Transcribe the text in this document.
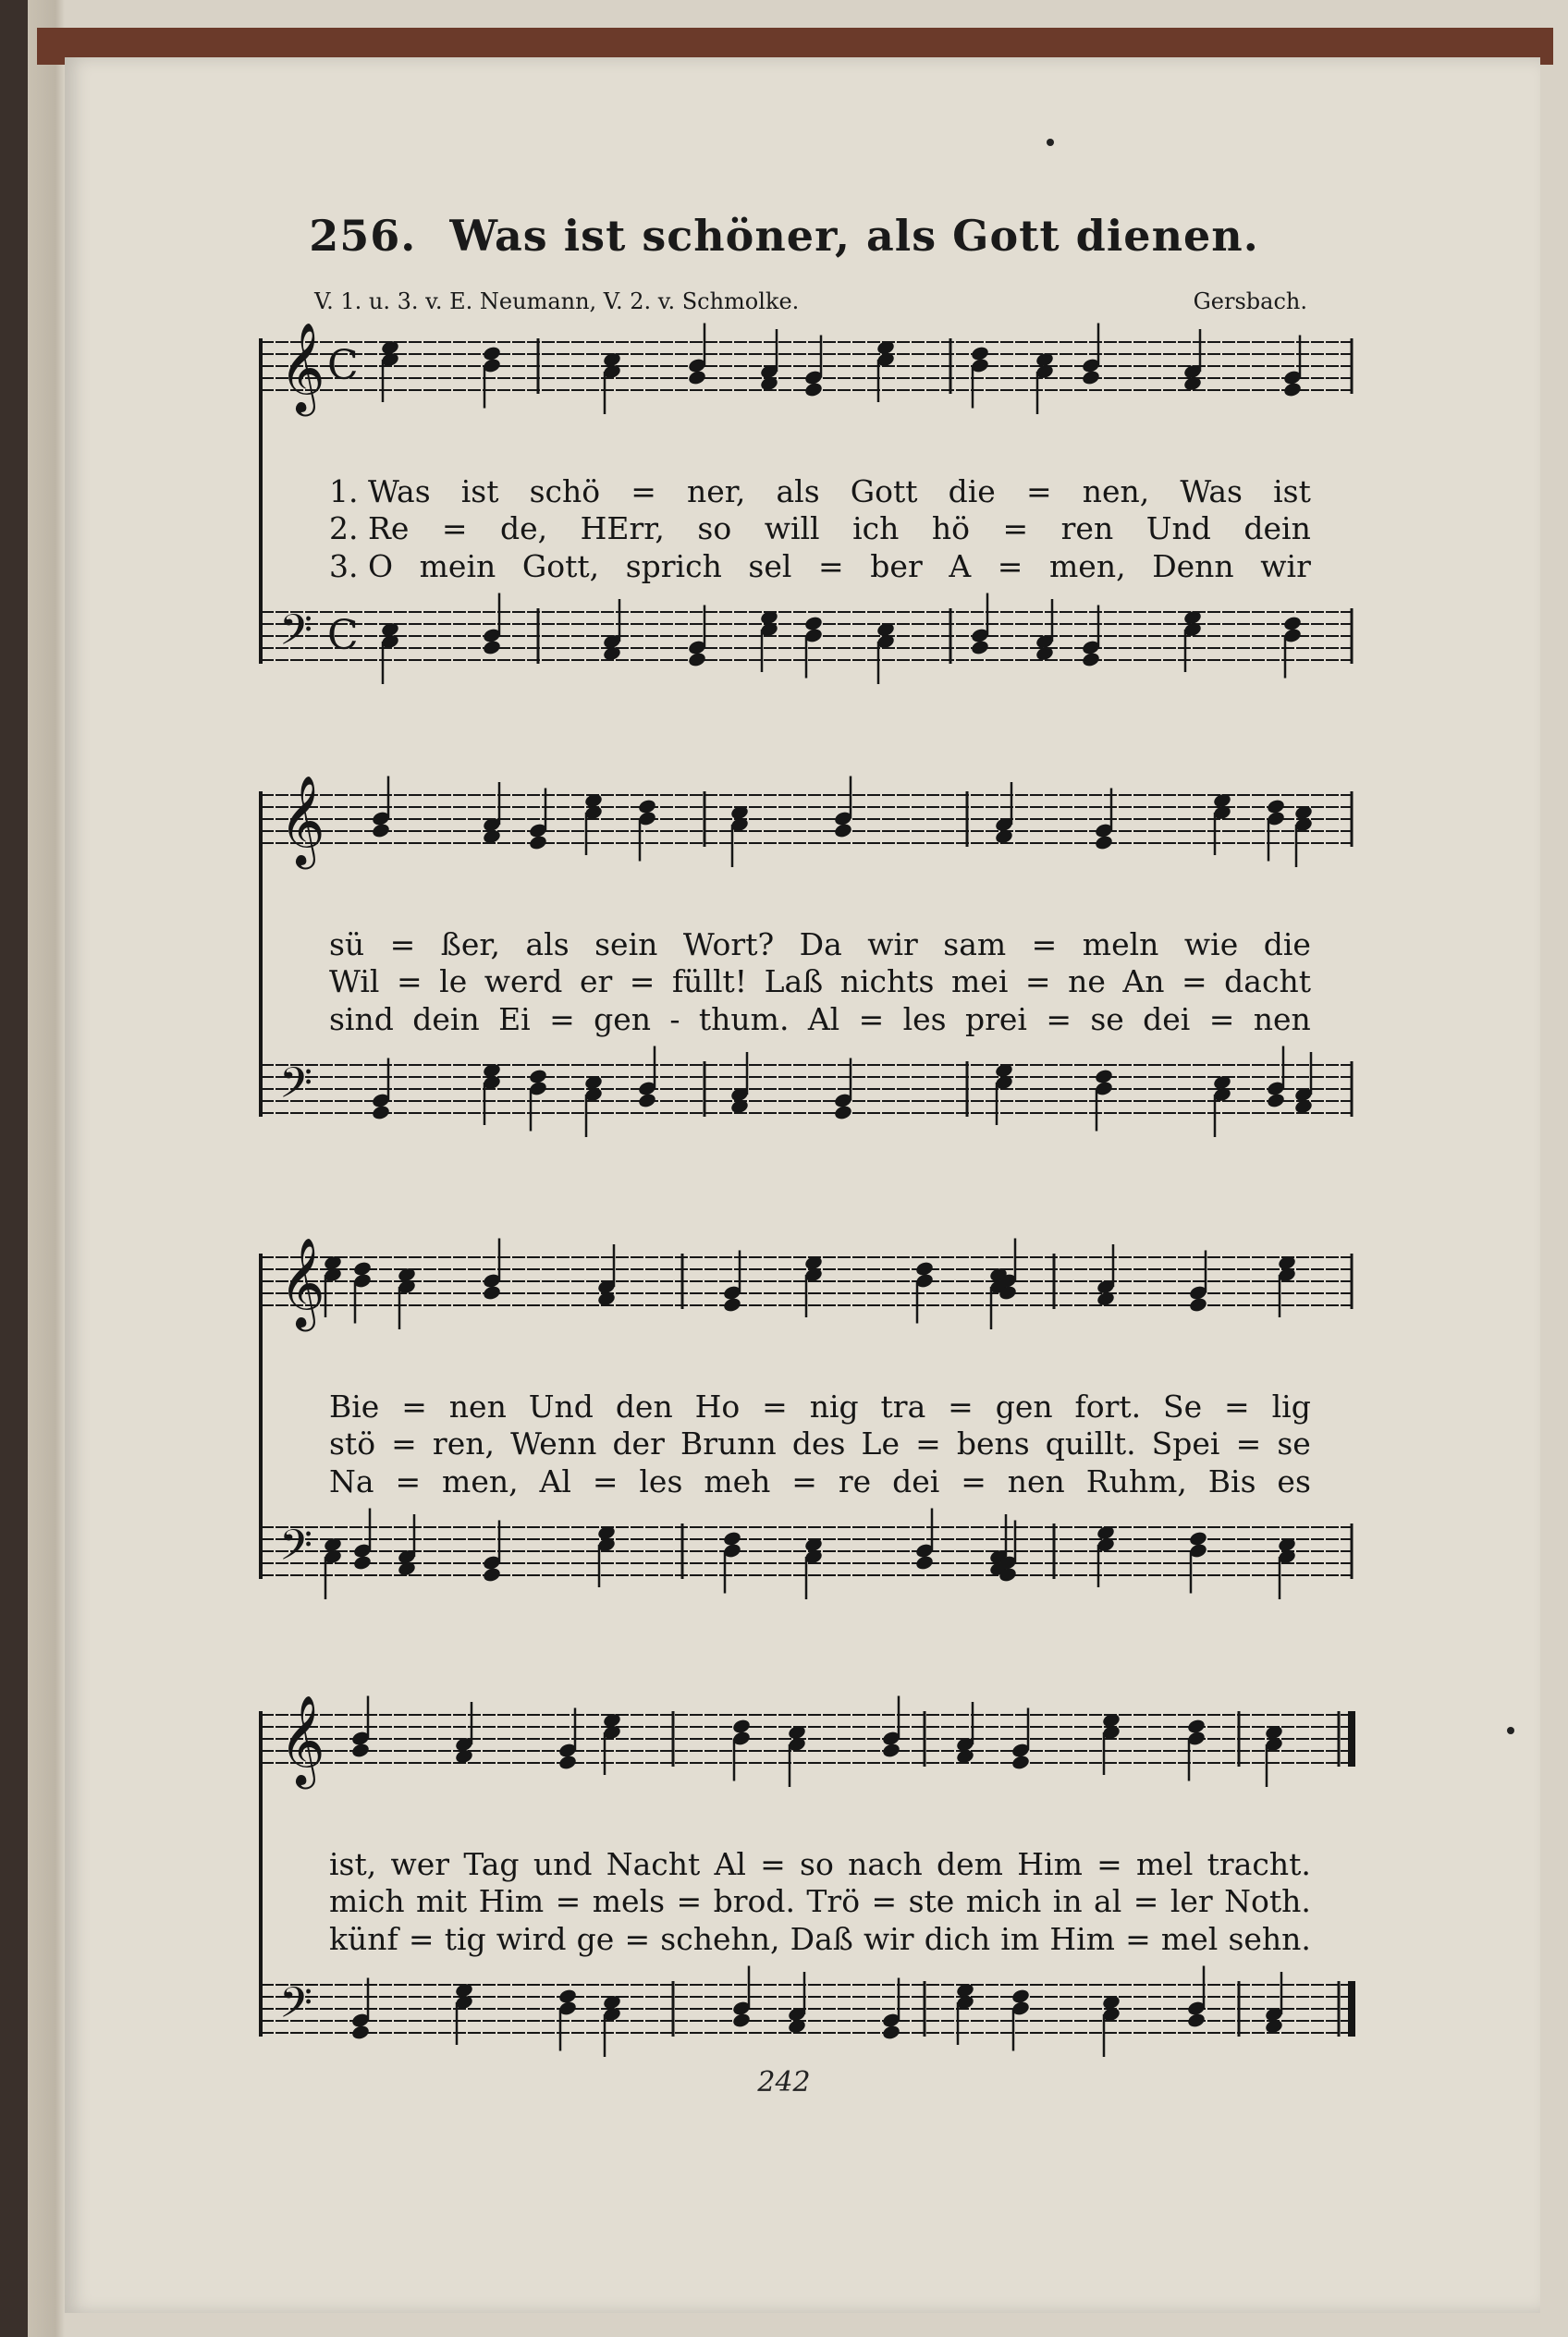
256. Was ist schöner, als Gott dienen.
V. 1. u. 3. v. E. Neumann, V. 2. v. Schmolke.	Gersbach.
𝄞 C
𝄢 C
𝄞
𝄢
𝄞
𝄢
𝄞
𝄢
1. Was ist schö = ner, als Gott die = nen, Was ist
2. Re = de, HErr, so will ich hö = ren Und dein
3. O mein Gott, sprich sel = ber A = men, Denn wir
sü = ßer, als sein Wort? Da wir sam = meln wie die
Wil = le werd er = füllt! Laß nichts mei = ne An = dacht
sind dein Ei = gen - thum. Al = les prei = se dei = nen
Bie = nen Und den Ho = nig tra = gen fort. Se = lig
stö = ren, Wenn der Brunn des Le = bens quillt. Spei = se
Na = men, Al = les meh = re dei = nen Ruhm, Bis es
ist, wer Tag und Nacht Al = so nach dem Him = mel tracht.
mich mit Him = mels = brod. Trö = ste mich in al = ler Noth.
künf = tig wird ge = schehn, Daß wir dich im Him = mel sehn.
242
